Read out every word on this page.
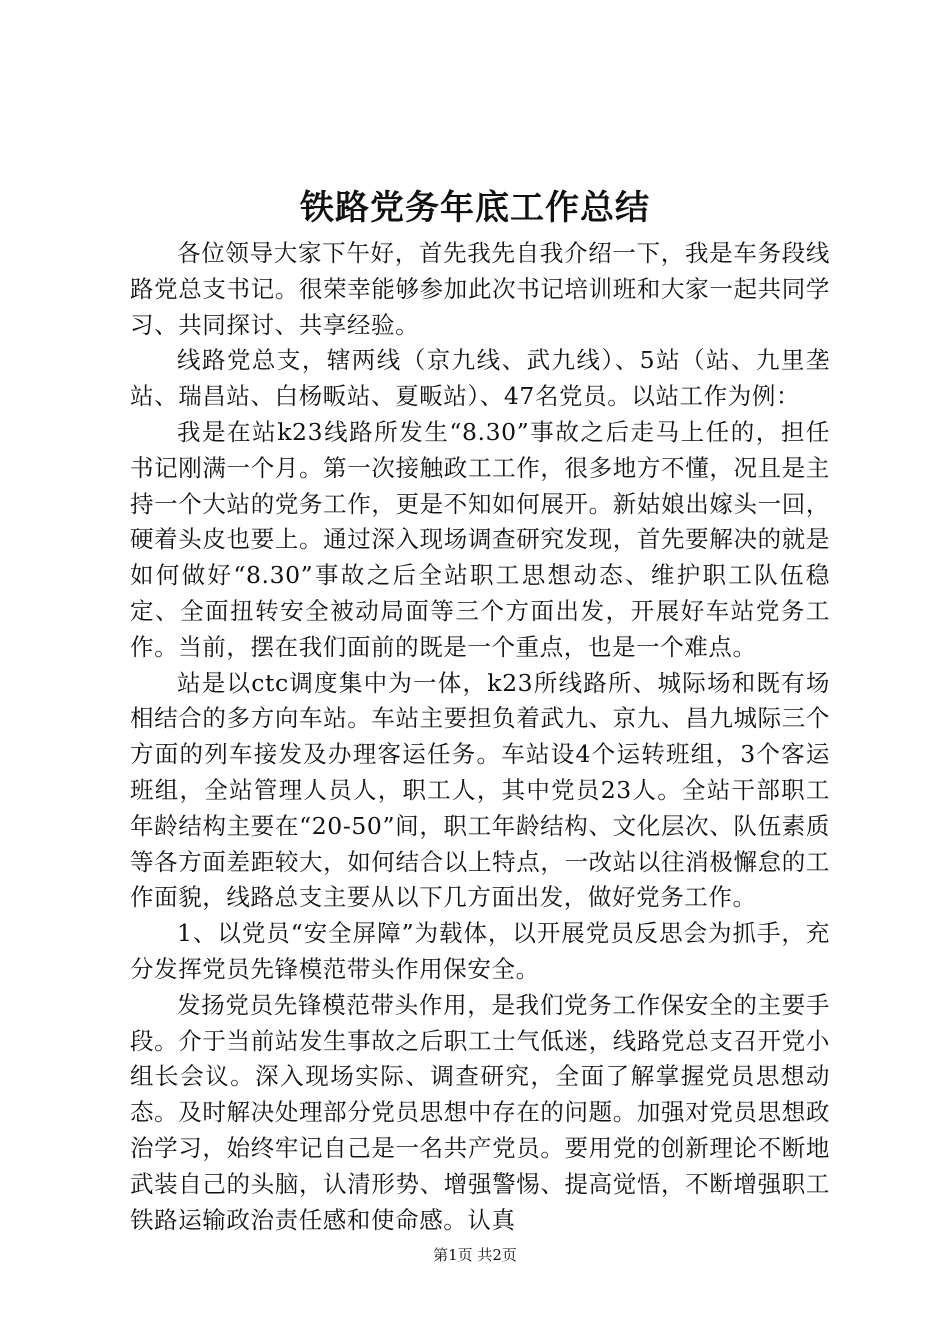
铁路党务年底工作总结

各位领导大家下午好，首先我先自我介绍一下，我是车务段线路党总支书记。很荣幸能够参加此次书记培训班和大家一起共同学习、共同探讨、共享经验。

线路党总支，辖两线（京九线、武九线）、5站（站、九里垄站、瑞昌站、白杨畈站、夏畈站）、47名党员。以站工作为例：

我是在站k23线路所发生“8.30”事故之后走马上任的，担任书记刚满一个月。第一次接触政工工作，很多地方不懂，况且是主持一个大站的党务工作，更是不知如何展开。新姑娘出嫁头一回，硬着头皮也要上。通过深入现场调查研究发现，首先要解决的就是如何做好“8.30”事故之后全站职工思想动态、维护职工队伍稳定、全面扭转安全被动局面等三个方面出发，开展好车站党务工作。当前，摆在我们面前的既是一个重点，也是一个难点。

站是以ctc调度集中为一体，k23所线路所、城际场和既有场相结合的多方向车站。车站主要担负着武九、京九、昌九城际三个方面的列车接发及办理客运任务。车站设4个运转班组，3个客运班组，全站管理人员人，职工人，其中党员23人。全站干部职工年龄结构主要在“20-50”间，职工年龄结构、文化层次、队伍素质等各方面差距较大，如何结合以上特点，一改站以往消极懈怠的工作面貌，线路总支主要从以下几方面出发，做好党务工作。

1、以党员“安全屏障”为载体，以开展党员反思会为抓手，充分发挥党员先锋模范带头作用保安全。

发扬党员先锋模范带头作用，是我们党务工作保安全的主要手段。介于当前站发生事故之后职工士气低迷，线路党总支召开党小组长会议。深入现场实际、调查研究，全面了解掌握党员思想动态。及时解决处理部分党员思想中存在的问题。加强对党员思想政治学习，始终牢记自己是一名共产党员。要用党的创新理论不断地武装自己的头脑，认清形势、增强警惕、提高觉悟，不断增强职工铁路运输政治责任感和使命感。认真

第1页 共2页
